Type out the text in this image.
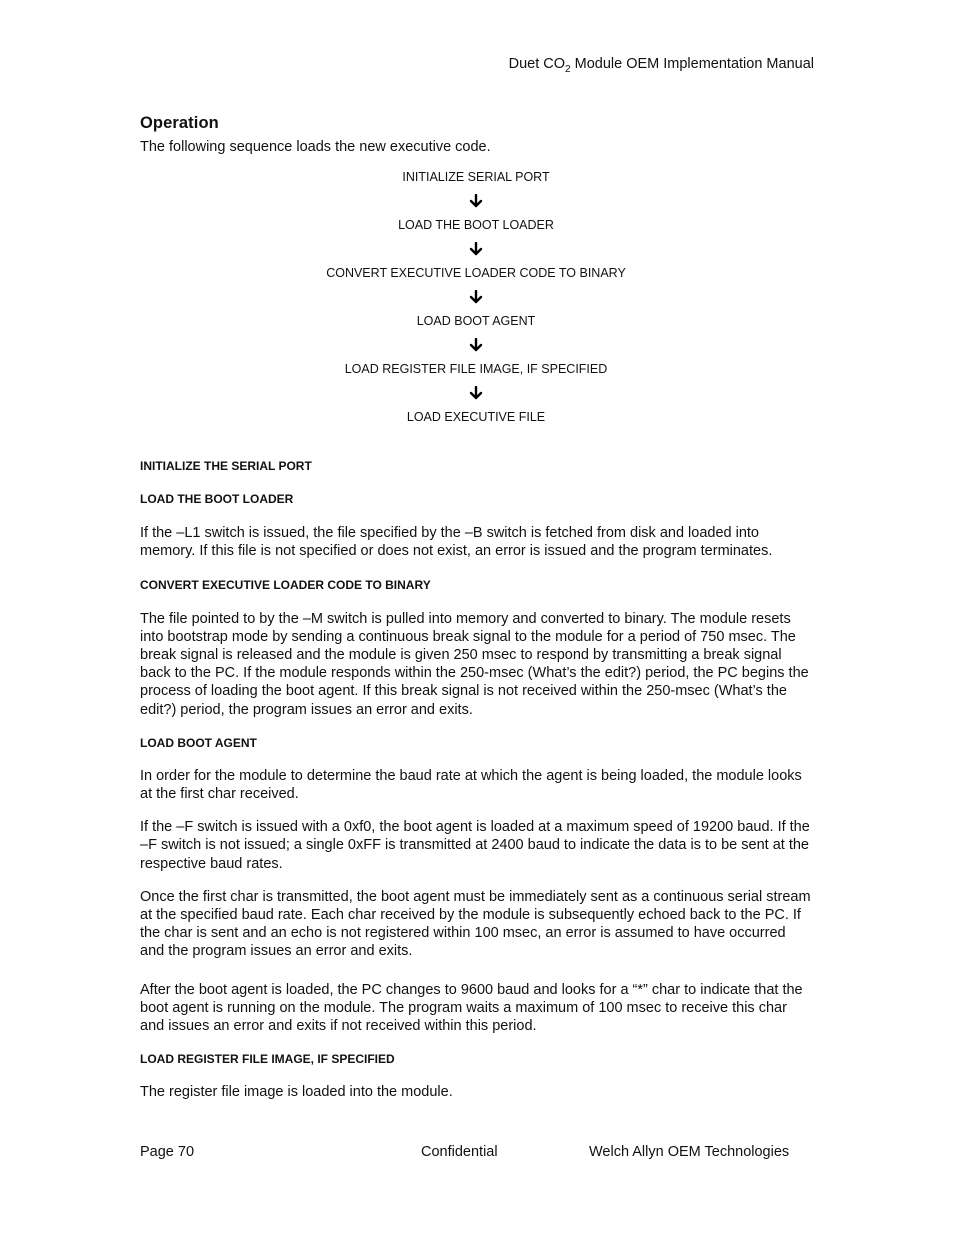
Duet $CO_2$ Module OEM Implementation Manual
Operation

The following sequence loads the new executive code.

INITIALIZE SERIAL PORT
LOAD THE BOOT LOADER
CONVERT EXECUTIVE LOADER CODE TO BINARY
LOAD BOOT AGENT
LOAD REGISTER FILE IMAGE, IF SPECIFIED
LOAD EXECUTIVE FILE
INITIALIZE THE SERIAL PORT
LOAD THE BOOT LOADER

If the –L1 switch is issued, the file specified by the –B switch is fetched from disk and loaded into memory. If this file is not specified or does not exist, an error is issued and the program terminates.

CONVERT EXECUTIVE LOADER CODE TO BINARY

The file pointed to by the –M switch is pulled into memory and converted to binary. The module resets into bootstrap mode by sending a continuous break signal to the module for a period of 750 msec. The break signal is released and the module is given 250 msec to respond by transmitting a break signal back to the PC. If the module responds within the 250-msec (What’s the edit?) period, the PC begins the process of loading the boot agent. If this break signal is not received within the 250-msec (What’s the edit?) period, the program issues an error and exits.

LOAD BOOT AGENT

In order for the module to determine the baud rate at which the agent is being loaded, the module looks at the first char received.

If the –F switch is issued with a 0xf0, the boot agent is loaded at a maximum speed of 19200 baud. If the –F switch is not issued; a single 0xFF is transmitted at 2400 baud to indicate the data is to be sent at the respective baud rates.

Once the first char is transmitted, the boot agent must be immediately sent as a continuous serial stream at the specified baud rate. Each char received by the module is subsequently echoed back to the PC. If the char is sent and an echo is not registered within 100 msec, an error is assumed to have occurred and the program issues an error and exits.

After the boot agent is loaded, the PC changes to 9600 baud and looks for a “*” char to indicate that the boot agent is running on the module. The program waits a maximum of 100 msec to receive this char and issues an error and exits if not received within this period.

LOAD REGISTER FILE IMAGE, IF SPECIFIED

The register file image is loaded into the module.

Page 70	Confidential	Welch Allyn OEM Technologies
